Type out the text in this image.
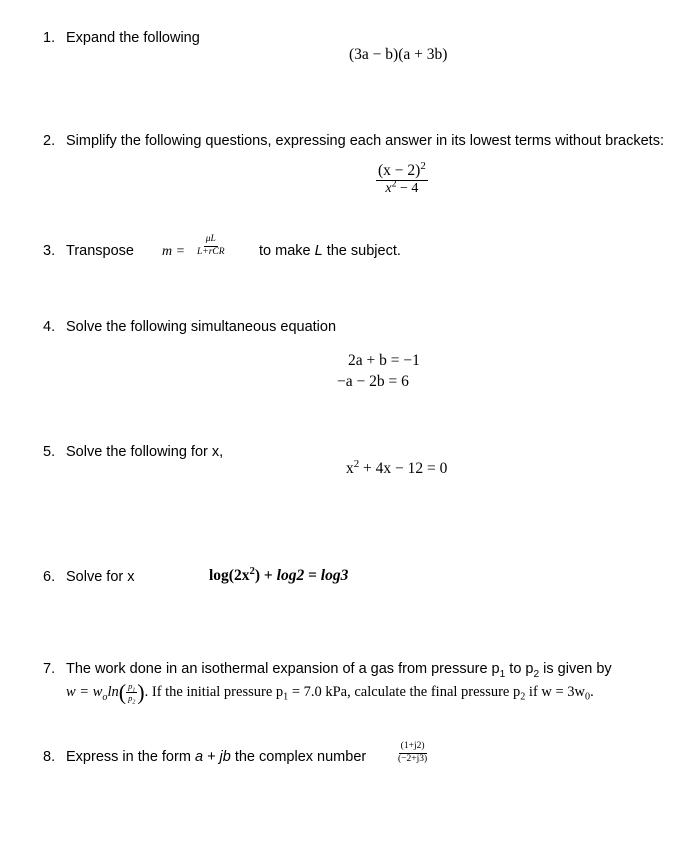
1. Expand the following
(3a − b)(a + 3b)
2. Simplify the following questions, expressing each answer in its lowest terms without brackets:
$\frac{(x - 2)^2}{x^2 - 4}$
3. Transpose $m = \frac{\mu L}{\text{L+rCR}}$ to make L the subject.
4. Solve the following simultaneous equation
2a + b = −1
−a − 2b = 6
5. Solve the following for x,
$x^2 + 4x - 12 = 0$
6. Solve for x	$\log(2x^2) + \log 2 = \log 3$
7. The work done in an isothermal expansion of a gas from pressure $p_1$ to $p_2$ is given by
$w = w_o\ln( \frac{p_1}{p_2}$ ). If the initial pressure $p_1 = 7.0$ kPa, calculate the final pressure $p_2$ if $w = 3w_0$.
8. Express in the form a + jb the complex number	$\frac{(1+j2)}{(-2+j3)}$
